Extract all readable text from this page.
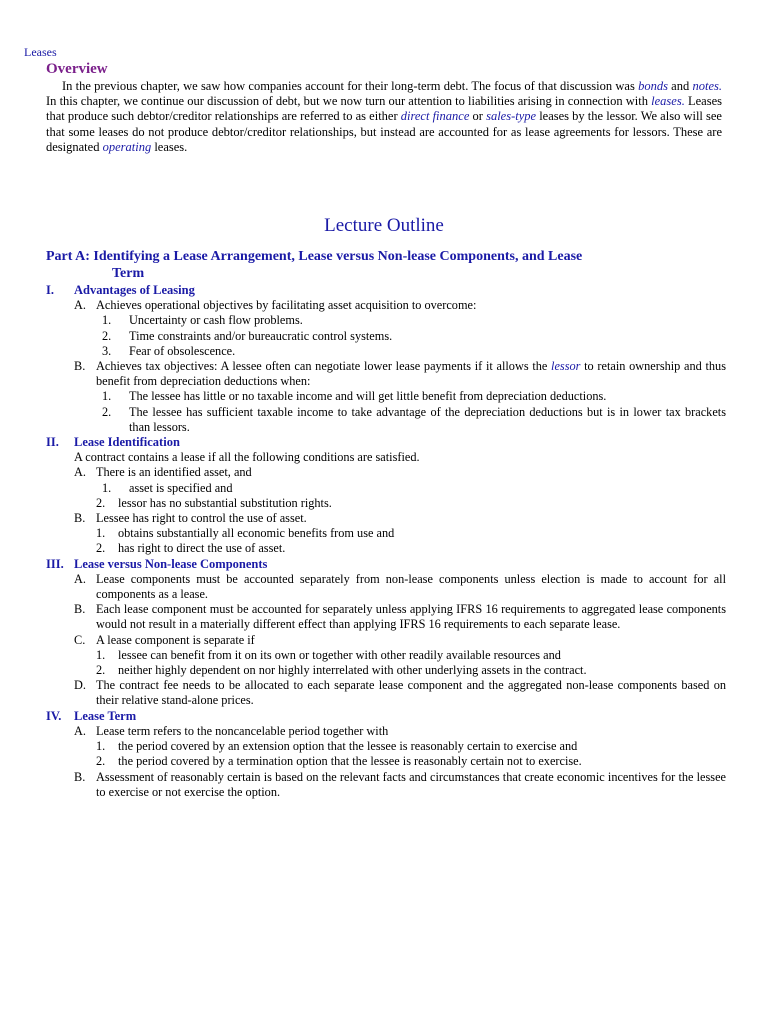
Leases
Overview
In the previous chapter, we saw how companies account for their long-term debt. The focus of that discussion was bonds and notes. In this chapter, we continue our discussion of debt, but we now turn our attention to liabilities arising in connection with leases. Leases that produce such debtor/creditor relationships are referred to as either direct finance or sales-type leases by the lessor. We also will see that some leases do not produce debtor/creditor relationships, but instead are accounted for as lease agreements for lessors. These are designated operating leases.
Lecture Outline
Part A: Identifying a Lease Arrangement, Lease versus Non-lease Components, and Lease
Term
I. Advantages of Leasing
A. Achieves operational objectives by facilitating asset acquisition to overcome:
1. Uncertainty or cash flow problems.
2. Time constraints and/or bureaucratic control systems.
3. Fear of obsolescence.
B. Achieves tax objectives: A lessee often can negotiate lower lease payments if it allows the lessor to retain ownership and thus benefit from depreciation deductions when:
1. The lessee has little or no taxable income and will get little benefit from depreciation deductions.
2. The lessee has sufficient taxable income to take advantage of the depreciation deductions but is in lower tax brackets than lessors.
II. Lease Identification
A contract contains a lease if all the following conditions are satisfied.
A. There is an identified asset, and
1. asset is specified and
2. lessor has no substantial substitution rights.
B. Lessee has right to control the use of asset.
1. obtains substantially all economic benefits from use and
2. has right to direct the use of asset.
III. Lease versus Non-lease Components
A. Lease components must be accounted separately from non-lease components unless election is made to account for all components as a lease.
B. Each lease component must be accounted for separately unless applying IFRS 16 requirements to aggregated lease components would not result in a materially different effect than applying IFRS 16 requirements to each separate lease.
C. A lease component is separate if
1. lessee can benefit from it on its own or together with other readily available resources and
2. neither highly dependent on nor highly interrelated with other underlying assets in the contract.
D. The contract fee needs to be allocated to each separate lease component and the aggregated non-lease components based on their relative stand-alone prices.
IV. Lease Term
A. Lease term refers to the noncancelable period together with
1. the period covered by an extension option that the lessee is reasonably certain to exercise and
2. the period covered by a termination option that the lessee is reasonably certain not to exercise.
B. Assessment of reasonably certain is based on the relevant facts and circumstances that create economic incentives for the lessee to exercise or not exercise the option.
